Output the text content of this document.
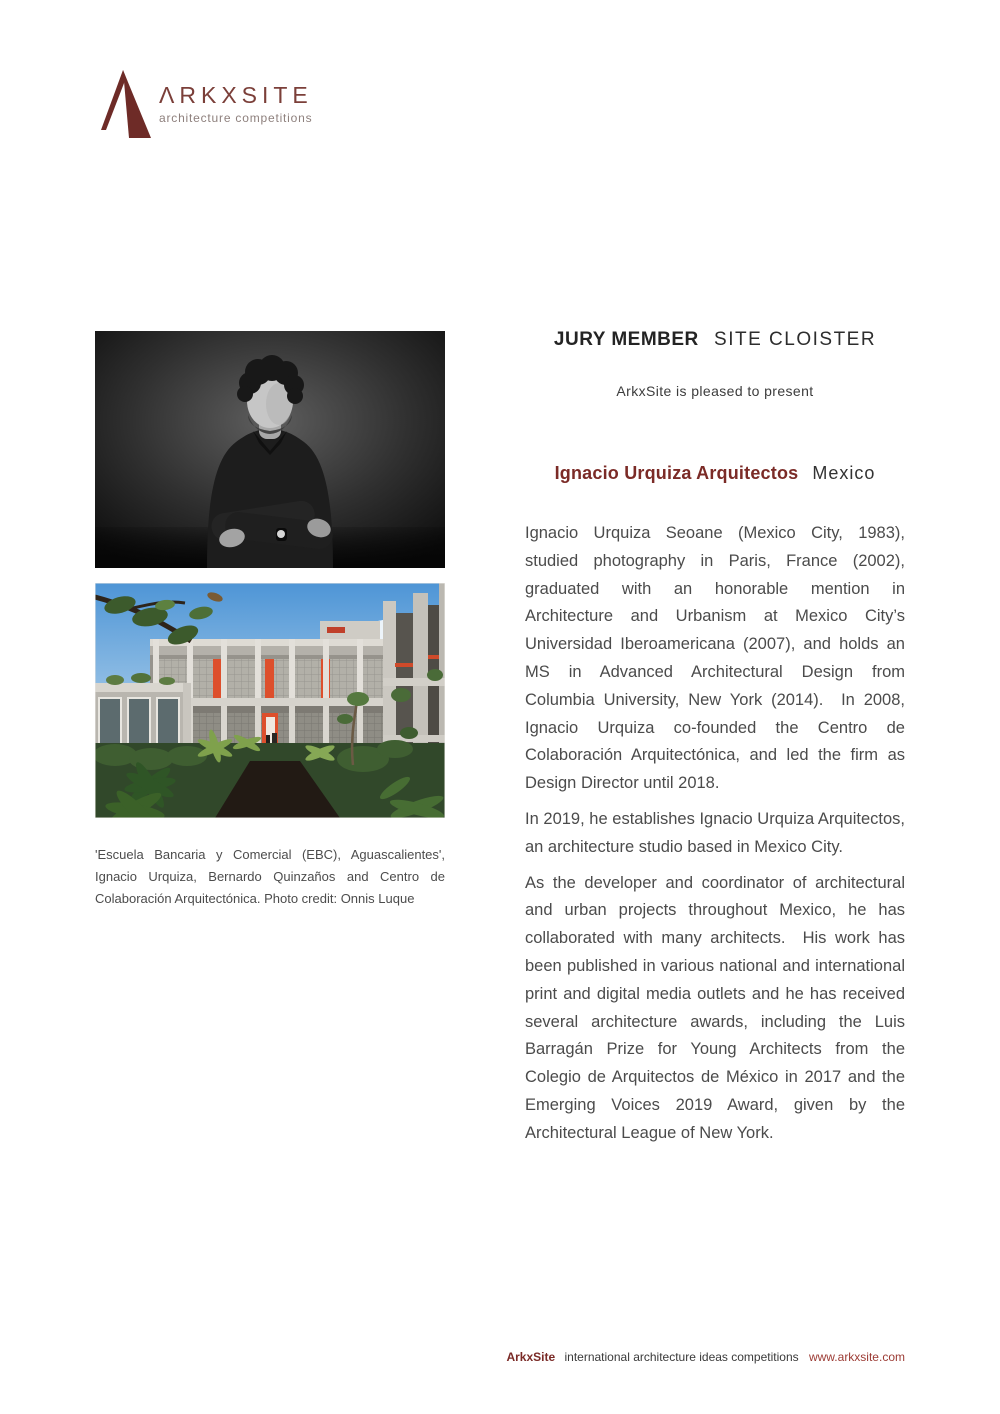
ΛRKXSITE
architecture competitions

'Escuela Bancaria y Comercial (EBC), Aguascalientes', Ignacio Urquiza, Bernardo Quinzaños and Centro de Colaboración Arquitectónica. Photo credit: Onnis Luque

JURY MEMBER SITE CLOISTER
ArkxSite is pleased to present
Ignacio Urquiza Arquitectos Mexico

Ignacio Urquiza Seoane (Mexico City, 1983), studied photography in Paris, France (2002), graduated with an honorable mention in Architecture and Urbanism at Mexico City’s Universidad Iberoamericana (2007), and holds an MS in Advanced Architectural Design from Columbia University, New York (2014).  In 2008, Ignacio Urquiza co-founded the Centro de Colaboración Arquitectónica, and led the firm as Design Director until 2018.

In 2019, he establishes Ignacio Urquiza Arquitectos, an architecture studio based in Mexico City.

As the developer and coordinator of architectural and urban projects throughout Mexico, he has collaborated with many architects.  His work has been published in various national and international print and digital media outlets and he has received several architecture awards, including the Luis Barragán Prize for Young Architects from the Colegio de Arquitectos de México in 2017 and the Emerging Voices 2019 Award, given by the Architectural League of New York.

ArkxSite international architecture ideas competitions www.arkxsite.com
